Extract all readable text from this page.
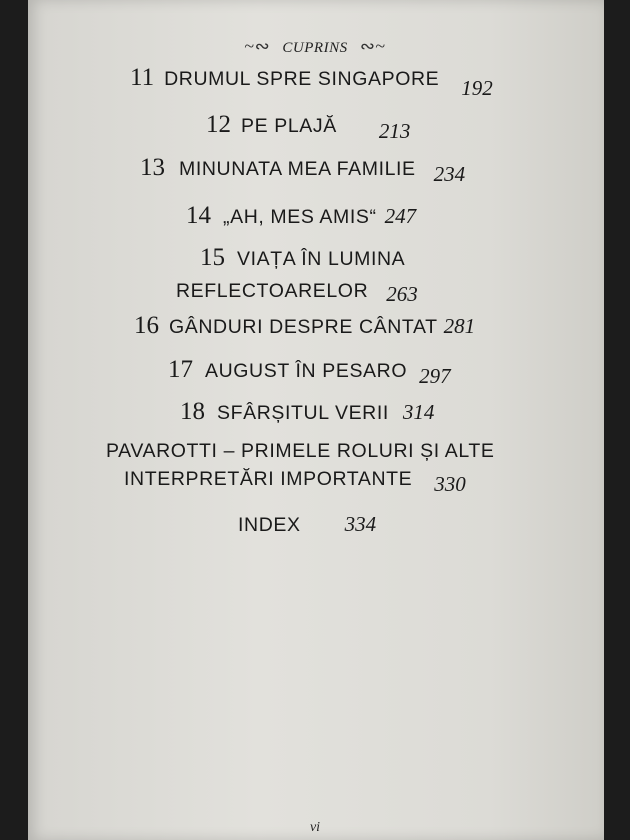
~∾ CUPRINS ∾~
11 DRUMUL SPRE SINGAPORE 192
12 PE PLAJĂ 213
13 MINUNATA MEA FAMILIE 234
14 „AH, MES AMIS“ 247
15 VIAȚA ÎN LUMINA
REFLECTOARELOR 263
16 GÂNDURI DESPRE CÂNTAT 281
17 AUGUST ÎN PESARO 297
18 SFÂRȘITUL VERII 314
PAVAROTTI – PRIMELE ROLURI ȘI ALTE
INTERPRETĂRI IMPORTANTE 330
INDEX 334
vi
